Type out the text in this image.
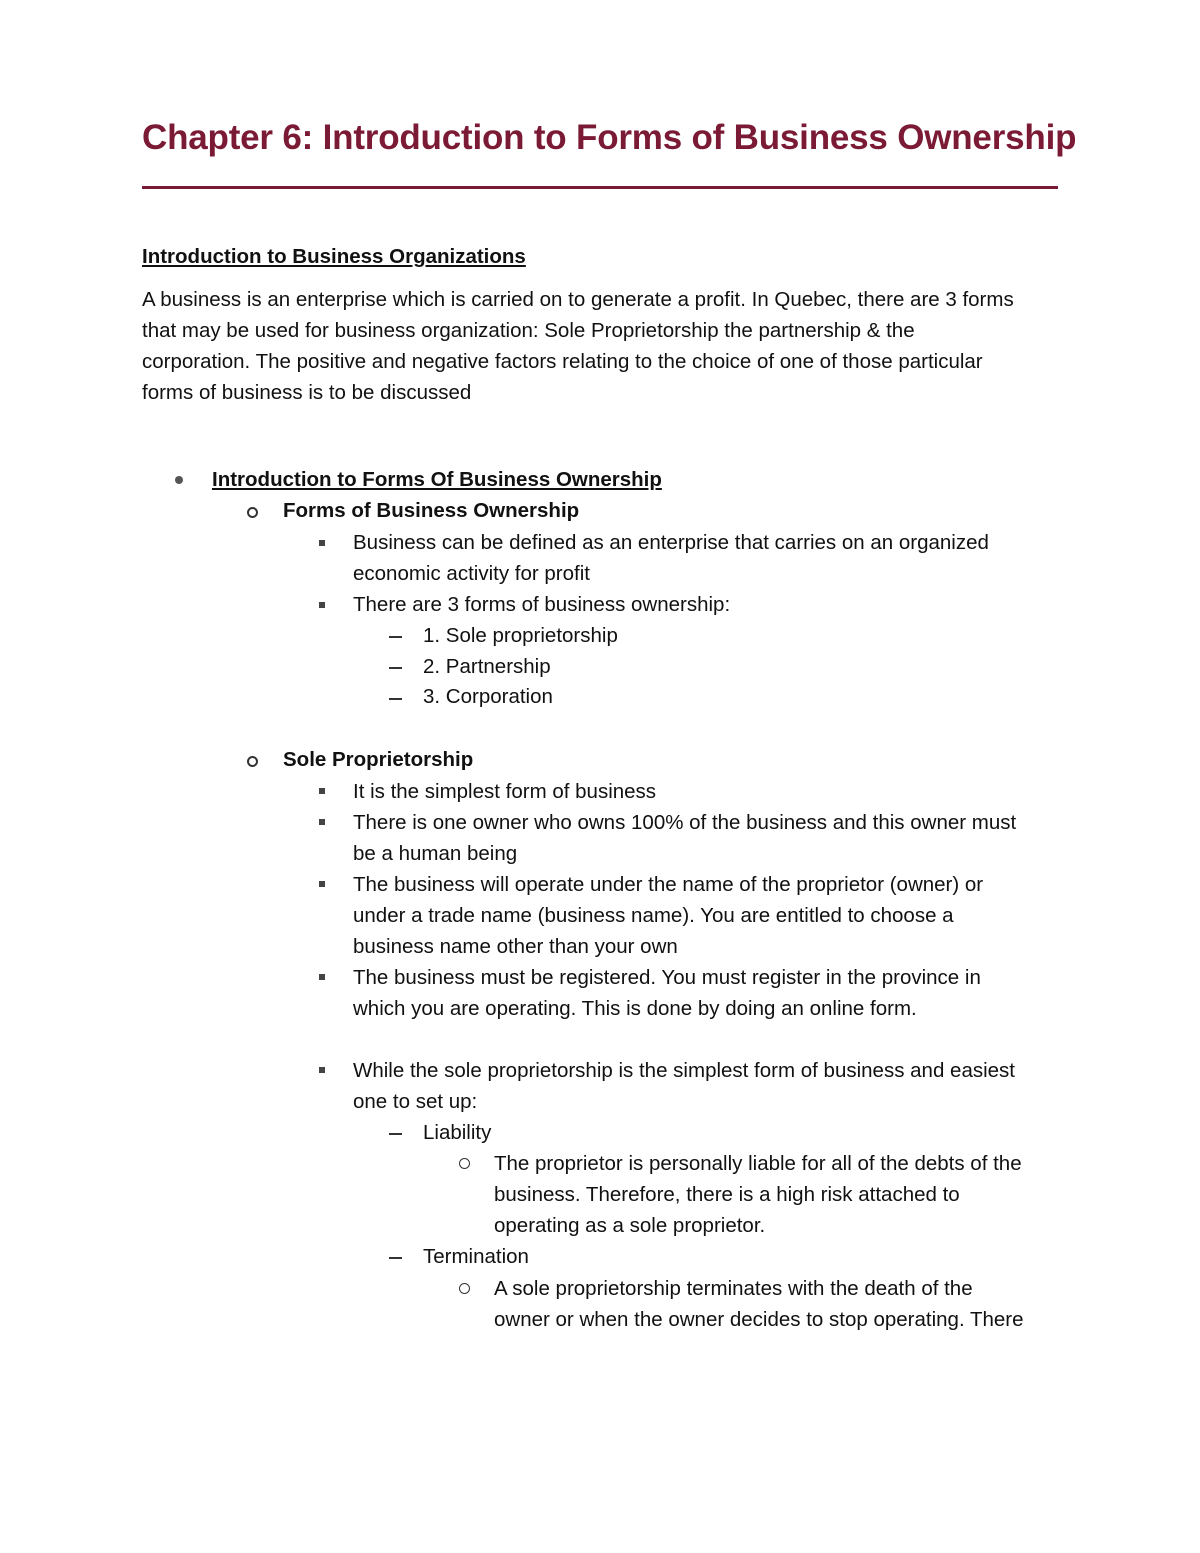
Chapter 6: Introduction to Forms of Business Ownership
Introduction to Business Organizations
A business is an enterprise which is carried on to generate a profit. In Quebec, there are 3 forms
that may be used for business organization: Sole Proprietorship the partnership & the
corporation. The positive and negative factors relating to the choice of one of those particular
forms of business is to be discussed
Introduction to Forms Of Business Ownership
Forms of Business Ownership
Business can be defined as an enterprise that carries on an organized
economic activity for profit
There are 3 forms of business ownership:
1. Sole proprietorship
2. Partnership
3. Corporation
Sole Proprietorship
It is the simplest form of business
There is one owner who owns 100% of the business and this owner must
be a human being
The business will operate under the name of the proprietor (owner) or
under a trade name (business name). You are entitled to choose a
business name other than your own
The business must be registered. You must register in the province in
which you are operating. This is done by doing an online form.
While the sole proprietorship is the simplest form of business and easiest
one to set up:
Liability
The proprietor is personally liable for all of the debts of the
business. Therefore, there is a high risk attached to
operating as a sole proprietor.
Termination
A sole proprietorship terminates with the death of the
owner or when the owner decides to stop operating. There
